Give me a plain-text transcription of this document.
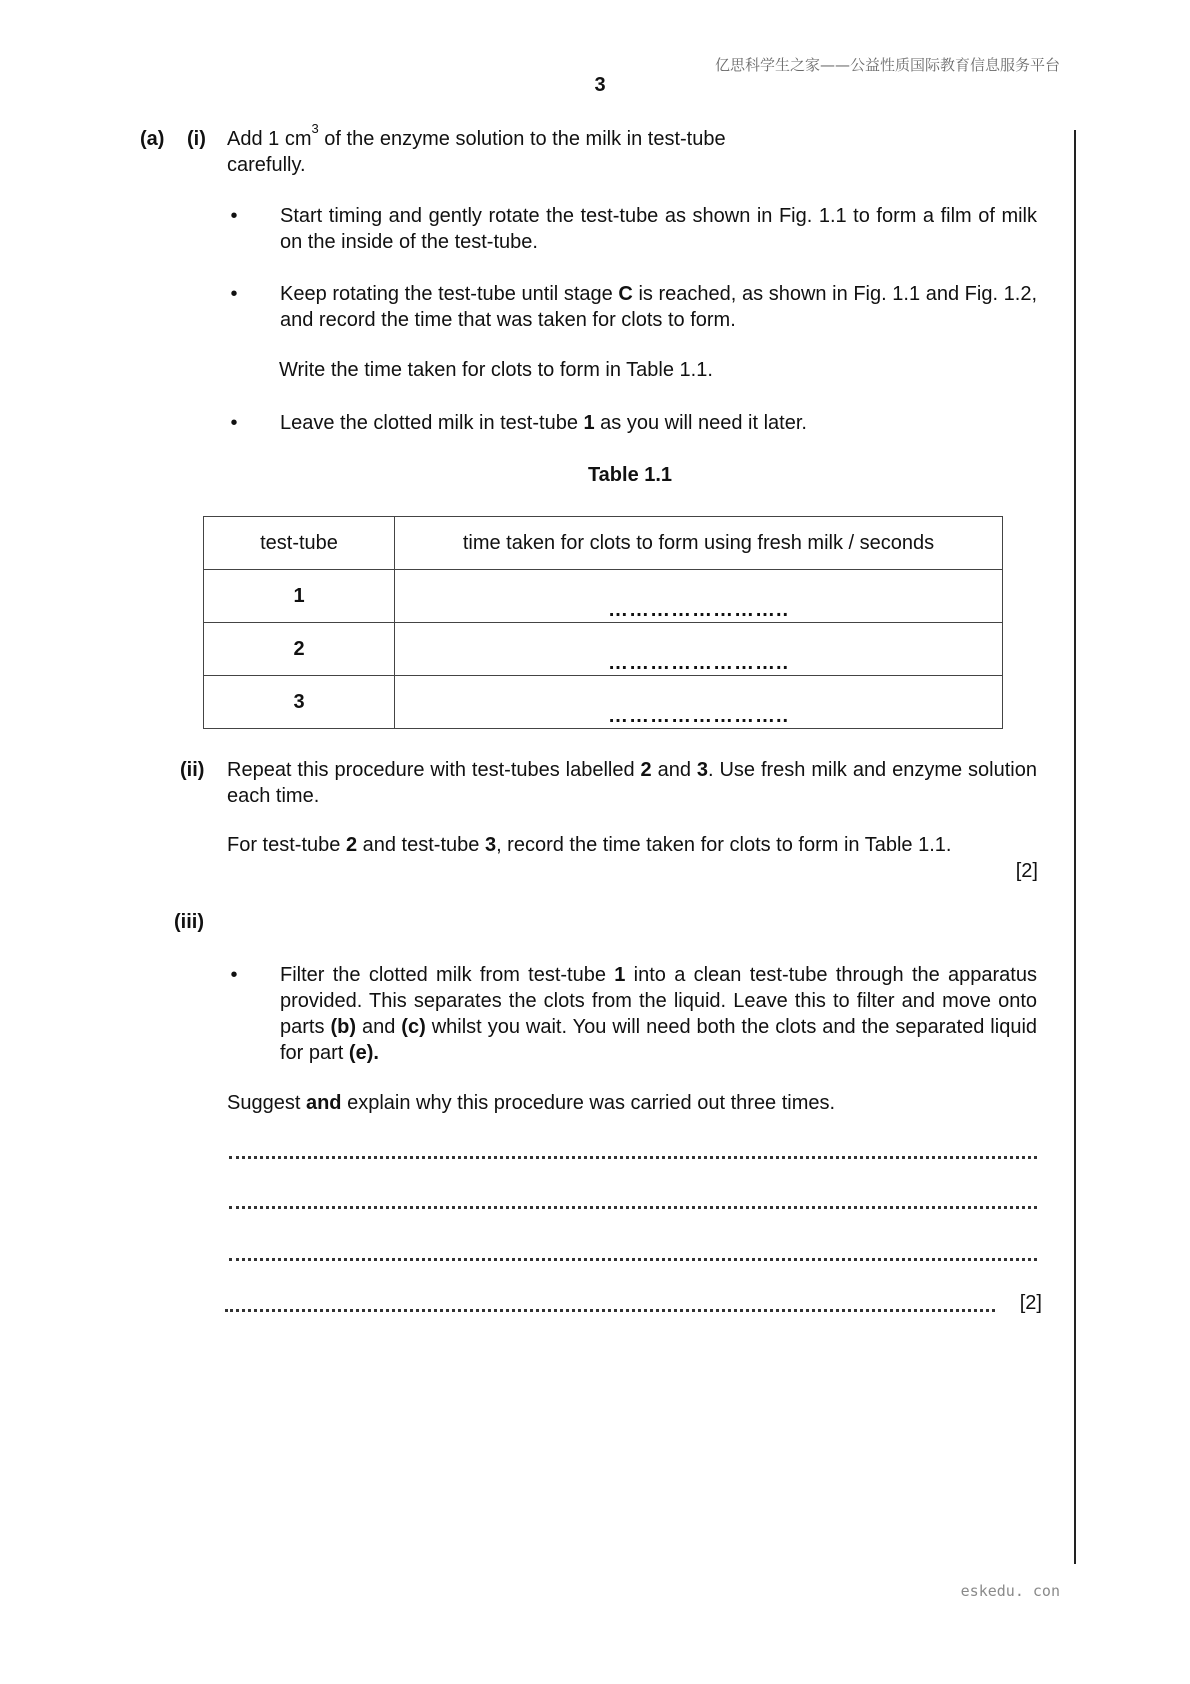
亿思科学生之家——公益性质国际教育信息服务平台
3
(a) (i) Add 1 $cm^3$ of the enzyme solution to the milk in test-tube
carefully.
• Start timing and gently rotate the test-tube as shown in Fig. 1.1 to form a film of milk on the inside of the test-tube.
• Keep rotating the test-tube until stage C is reached, as shown in Fig. 1.1 and Fig. 1.2, and record the time that was taken for clots to form.
Write the time taken for clots to form in Table 1.1.
• Leave the clotted milk in test-tube 1 as you will need it later.
Table 1.1
test-tube	time taken for clots to form using fresh milk / seconds
1	……………………..
2	……………………..
3	……………………..
(ii) Repeat this procedure with test-tubes labelled 2 and 3. Use fresh milk and enzyme solution each time.
For test-tube 2 and test-tube 3, record the time taken for clots to form in Table 1.1.
[2]
(iii)
• Filter the clotted milk from test-tube 1 into a clean test-tube through the apparatus provided. This separates the clots from the liquid. Leave this to filter and move onto parts (b) and (c) whilst you wait. You will need both the clots and the separated liquid for part (e).
Suggest and explain why this procedure was carried out three times.
[2]
eskedu. con
